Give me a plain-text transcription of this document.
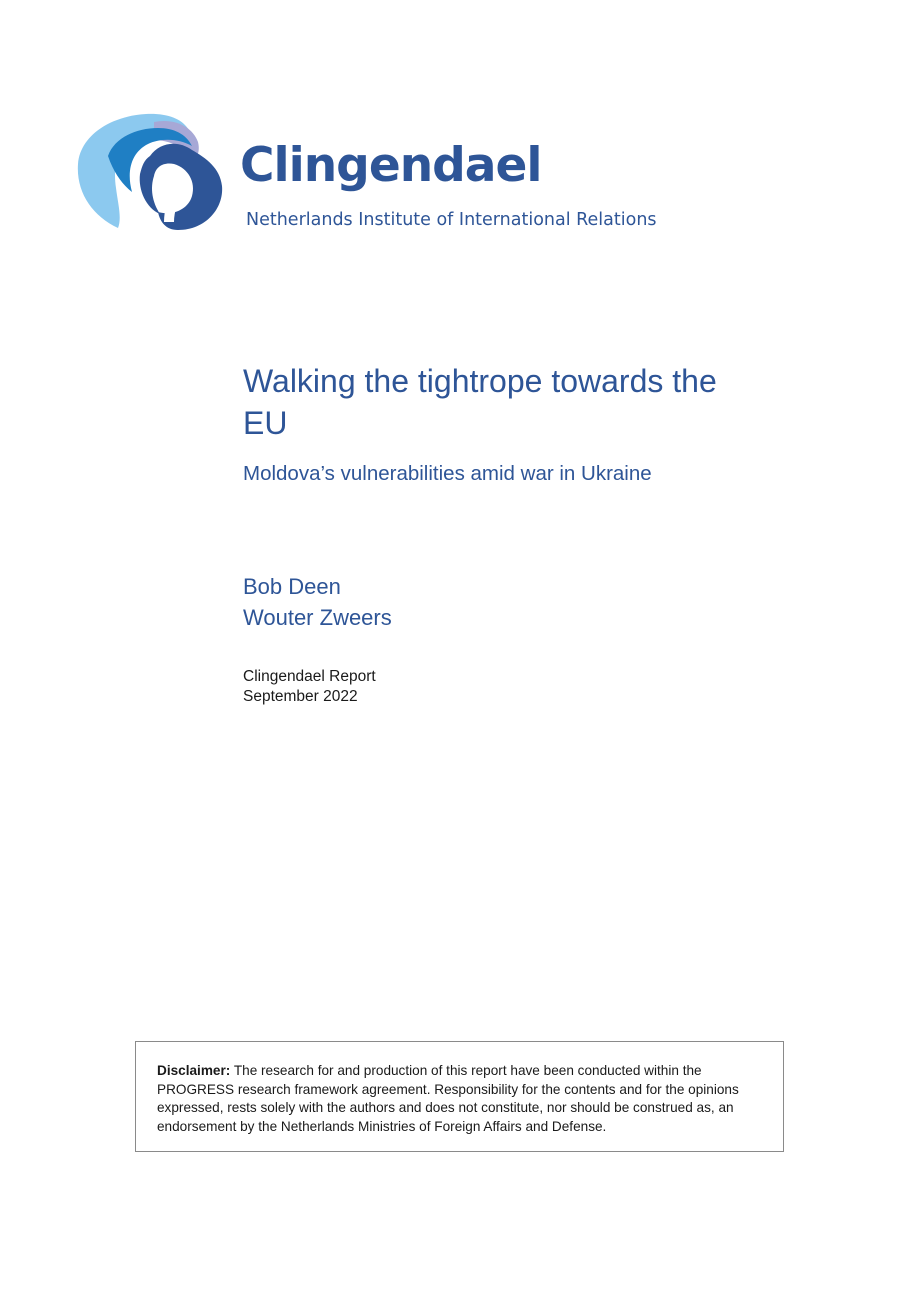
Clingendael
Netherlands Institute of International Relations
Walking the tightrope towards the EU
Moldova’s vulnerabilities amid war in Ukraine
Bob Deen
Wouter Zweers
Clingendael Report
September 2022

Disclaimer: The research for and production of this report have been conducted within the PROGRESS research framework agreement. Responsibility for the contents and for the opinions expressed, rests solely with the authors and does not constitute, nor should be construed as, an endorsement by the Netherlands Ministries of Foreign Affairs and Defense.
